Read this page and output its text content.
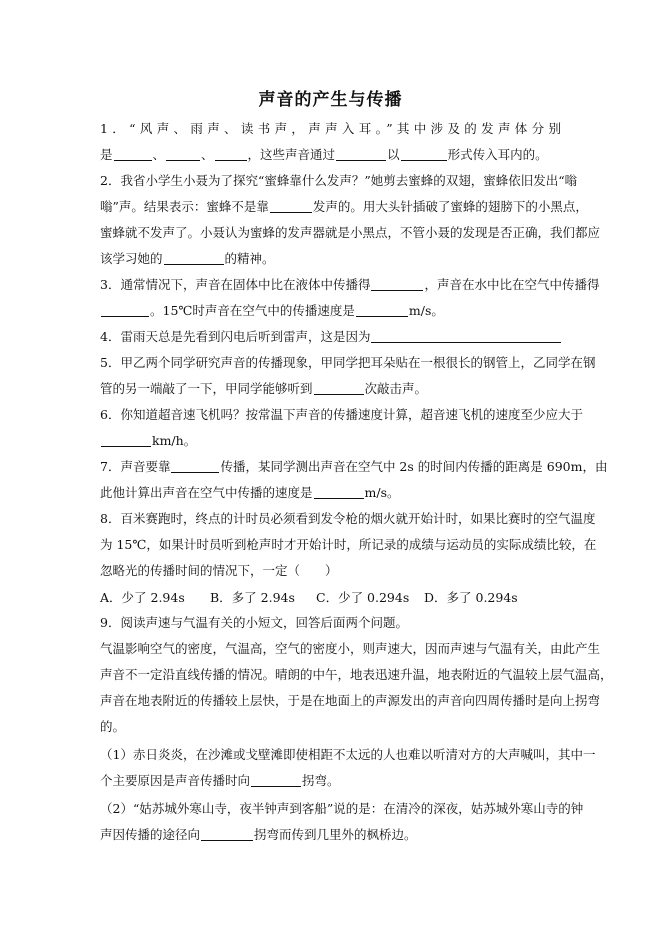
声音的产生与传播
1．“风声、雨声、读书声，声声入耳。”其中涉及的发声体分别
是	、	、	，这些声音通过	以	形式传入耳内的。
2．我省小学生小聂为了探究“蜜蜂靠什么发声？”她剪去蜜蜂的双翅，蜜蜂依旧发出“嗡
嗡”声。结果表示：蜜蜂不是靠	发声的。用大头针插破了蜜蜂的翅膀下的小黑点，
蜜蜂就不发声了。小聂认为蜜蜂的发声器就是小黑点，不管小聂的发现是否正确，我们都应
该学习她的	的精神。
3．通常情况下，声音在固体中比在液体中传播得	，声音在水中比在空气中传播得
。15℃时声音在空气中的传播速度是	m/s。
4．雷雨天总是先看到闪电后听到雷声，这是因为
5．甲乙两个同学研究声音的传播现象，甲同学把耳朵贴在一根很长的钢管上，乙同学在钢
管的另一端敲了一下，甲同学能够听到	次敲击声。
6．你知道超音速飞机吗？按常温下声音的传播速度计算，超音速飞机的速度至少应大于
km/h。
7．声音要靠	传播，某同学测出声音在空气中 2s 的时间内传播的距离是 690m，由
此他计算出声音在空气中传播的速度是	m/s。
8．百米赛跑时，终点的计时员必须看到发令枪的烟火就开始计时，如果比赛时的空气温度
为 15℃，如果计时员听到枪声时才开始计时，所记录的成绩与运动员的实际成绩比较，在
忽略光的传播时间的情况下，一定（　　）
A．少了 2.94s B．多了 2.94s C．少了 0.294s D．多了 0.294s
9．阅读声速与气温有关的小短文，回答后面两个问题。
气温影响空气的密度，气温高，空气的密度小，则声速大，因而声速与气温有关，由此产生
声音不一定沿直线传播的情况。晴朗的中午，地表迅速升温，地表附近的气温较上层气温高，
声音在地表附近的传播较上层快，于是在地面上的声源发出的声音向四周传播时是向上拐弯
的。
（1）赤日炎炎，在沙滩或戈壁滩即使相距不太远的人也难以听清对方的大声喊叫，其中一
个主要原因是声音传播时向	拐弯。
（2）“姑苏城外寒山寺，夜半钟声到客船”说的是：在清冷的深夜，姑苏城外寒山寺的钟
声因传播的途径向	拐弯而传到几里外的枫桥边。
